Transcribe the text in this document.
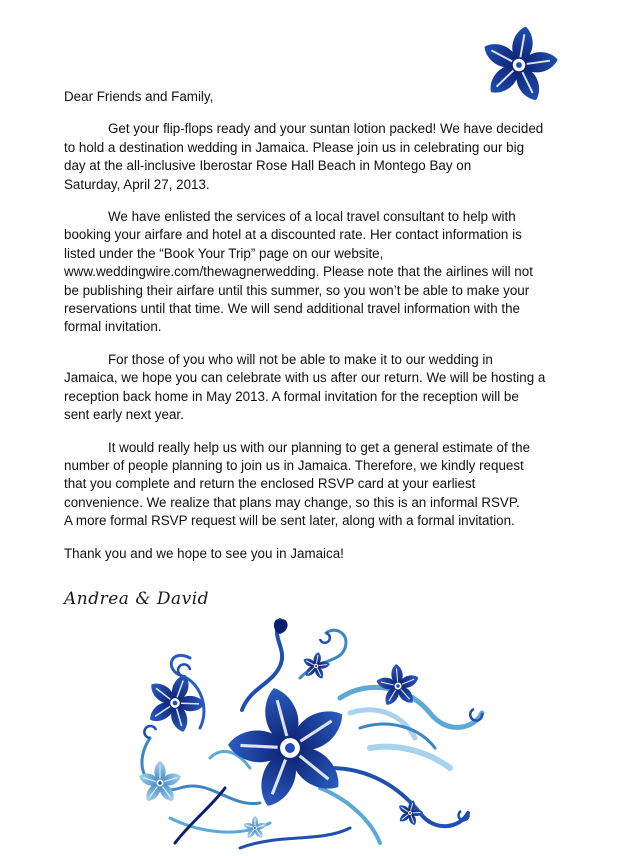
Dear Friends and Family,

Get your flip-flops ready and your suntan lotion packed! We have decided
to hold a destination wedding in Jamaica. Please join us in celebrating our big
day at the all-inclusive Iberostar Rose Hall Beach in Montego Bay on
Saturday, April 27, 2013.

We have enlisted the services of a local travel consultant to help with
booking your airfare and hotel at a discounted rate. Her contact information is
listed under the “Book Your Trip” page on our website,
www.weddingwire.com/thewagnerwedding. Please note that the airlines will not
be publishing their airfare until this summer, so you won’t be able to make your
reservations until that time. We will send additional travel information with the
formal invitation.

For those of you who will not be able to make it to our wedding in
Jamaica, we hope you can celebrate with us after our return. We will be hosting a
reception back home in May 2013. A formal invitation for the reception will be
sent early next year.

It would really help us with our planning to get a general estimate of the
number of people planning to join us in Jamaica. Therefore, we kindly request
that you complete and return the enclosed RSVP card at your earliest
convenience. We realize that plans may change, so this is an informal RSVP.
A more formal RSVP request will be sent later, along with a formal invitation.

Thank you and we hope to see you in Jamaica!

Andrea & David
